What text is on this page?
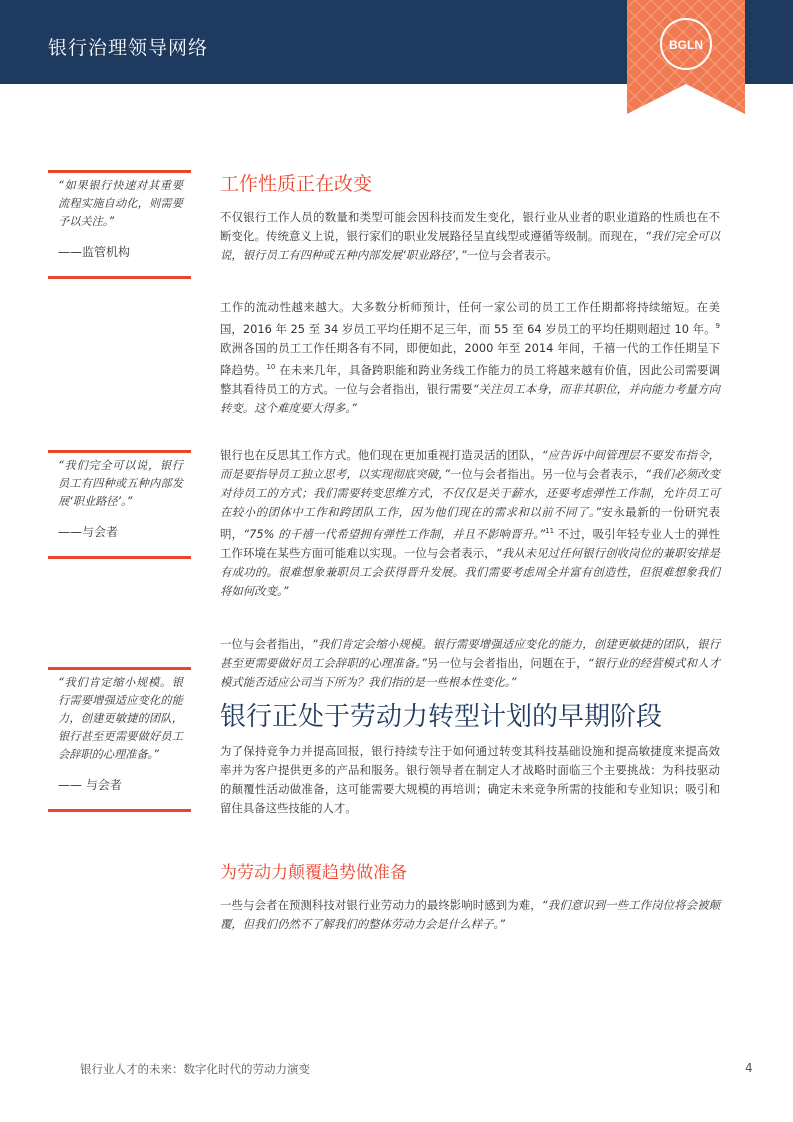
银行治理领导网络	BGLN
“如果银行快速对其重要流程实施自动化，则需要予以关注。”
——监管机构
“我们完全可以说，银行员工有四种或五种内部发展‘职业路径’。”
——与会者
“我们肯定缩小规模。银行需要增强适应变化的能力，创建更敏捷的团队，银行甚至更需要做好员工会辞职的心理准备。”
—— 与会者
工作性质正在改变

不仅银行工作人员的数量和类型可能会因科技而发生变化，银行业从业者的职业道路的性质也在不断变化。传统意义上说，银行家们的职业发展路径呈直线型或遵循等级制。而现在，“我们完全可以说，银行员工有四种或五种内部发展‘职业路径’，”一位与会者表示。

工作的流动性越来越大。大多数分析师预计，任何一家公司的员工工作任期都将持续缩短。在美国，2016 年 25 至 34 岁员工平均任期不足三年，而 55 至 64 岁员工的平均任期则超过 10 年。$^9$ 欧洲各国的员工工作任期各有不同，即便如此，2000 年至 2014 年间，千禧一代的工作任期呈下降趋势。$^{10}$ 在未来几年，具备跨职能和跨业务线工作能力的员工将越来越有价值，因此公司需要调整其看待员工的方式。一位与会者指出，银行需要“关注员工本身，而非其职位，并向能力考量方向转变。这个难度要大得多。”

银行也在反思其工作方式。他们现在更加重视打造灵活的团队，“应告诉中间管理层不要发布指令，而是要指导员工独立思考，以实现彻底突破，”一位与会者指出。另一位与会者表示，“我们必须改变对待员工的方式；我们需要转变思维方式，不仅仅是关于薪水，还要考虑弹性工作制，允许员工可在较小的团体中工作和跨团队工作，因为他们现在的需求和以前不同了。”安永最新的一份研究表明，“75% 的千禧一代希望拥有弹性工作制，并且不影响晋升。”$^{11}$ 不过，吸引年轻专业人士的弹性工作环境在某些方面可能难以实现。一位与会者表示，“我从未见过任何银行创收岗位的兼职安排是有成功的。很难想象兼职员工会获得晋升发展。我们需要考虑周全并富有创造性，但很难想象我们将如何改变。”

一位与会者指出，“我们肯定会缩小规模。银行需要增强适应变化的能力，创建更敏捷的团队，银行甚至更需要做好员工会辞职的心理准备。”另一位与会者指出，问题在于，“银行业的经营模式和人才模式能否适应公司当下所为？我们指的是一些根本性变化。”

银行正处于劳动力转型计划的早期阶段

为了保持竞争力并提高回报，银行持续专注于如何通过转变其科技基础设施和提高敏捷度来提高效率并为客户提供更多的产品和服务。银行领导者在制定人才战略时面临三个主要挑战：为科技驱动的颠覆性活动做准备，这可能需要大规模的再培训；确定未来竞争所需的技能和专业知识；吸引和留住具备这些技能的人才。

为劳动力颠覆趋势做准备

一些与会者在预测科技对银行业劳动力的最终影响时感到为难，“我们意识到一些工作岗位将会被颠覆，但我们仍然不了解我们的整体劳动力会是什么样子。”

银行业人才的未来：数字化时代的劳动力演变	4
